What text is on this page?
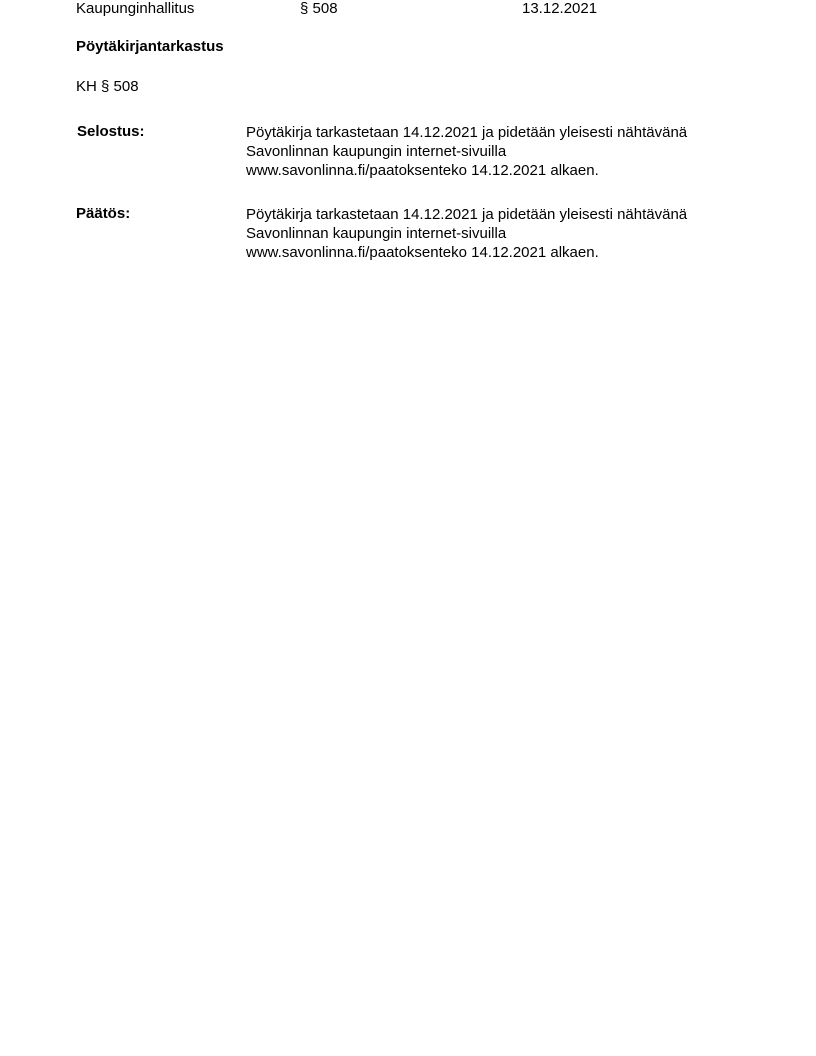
Kaupunginhallitus	§ 508	13.12.2021
Pöytäkirjantarkastus
KH § 508
Selostus:	Pöytäkirja tarkastetaan 14.12.2021 ja pidetään yleisesti nähtävänä
Savonlinnan kaupungin internet-sivuilla
www.savonlinna.fi/paatoksenteko 14.12.2021 alkaen.
Päätös:	Pöytäkirja tarkastetaan 14.12.2021 ja pidetään yleisesti nähtävänä
Savonlinnan kaupungin internet-sivuilla
www.savonlinna.fi/paatoksenteko 14.12.2021 alkaen.
